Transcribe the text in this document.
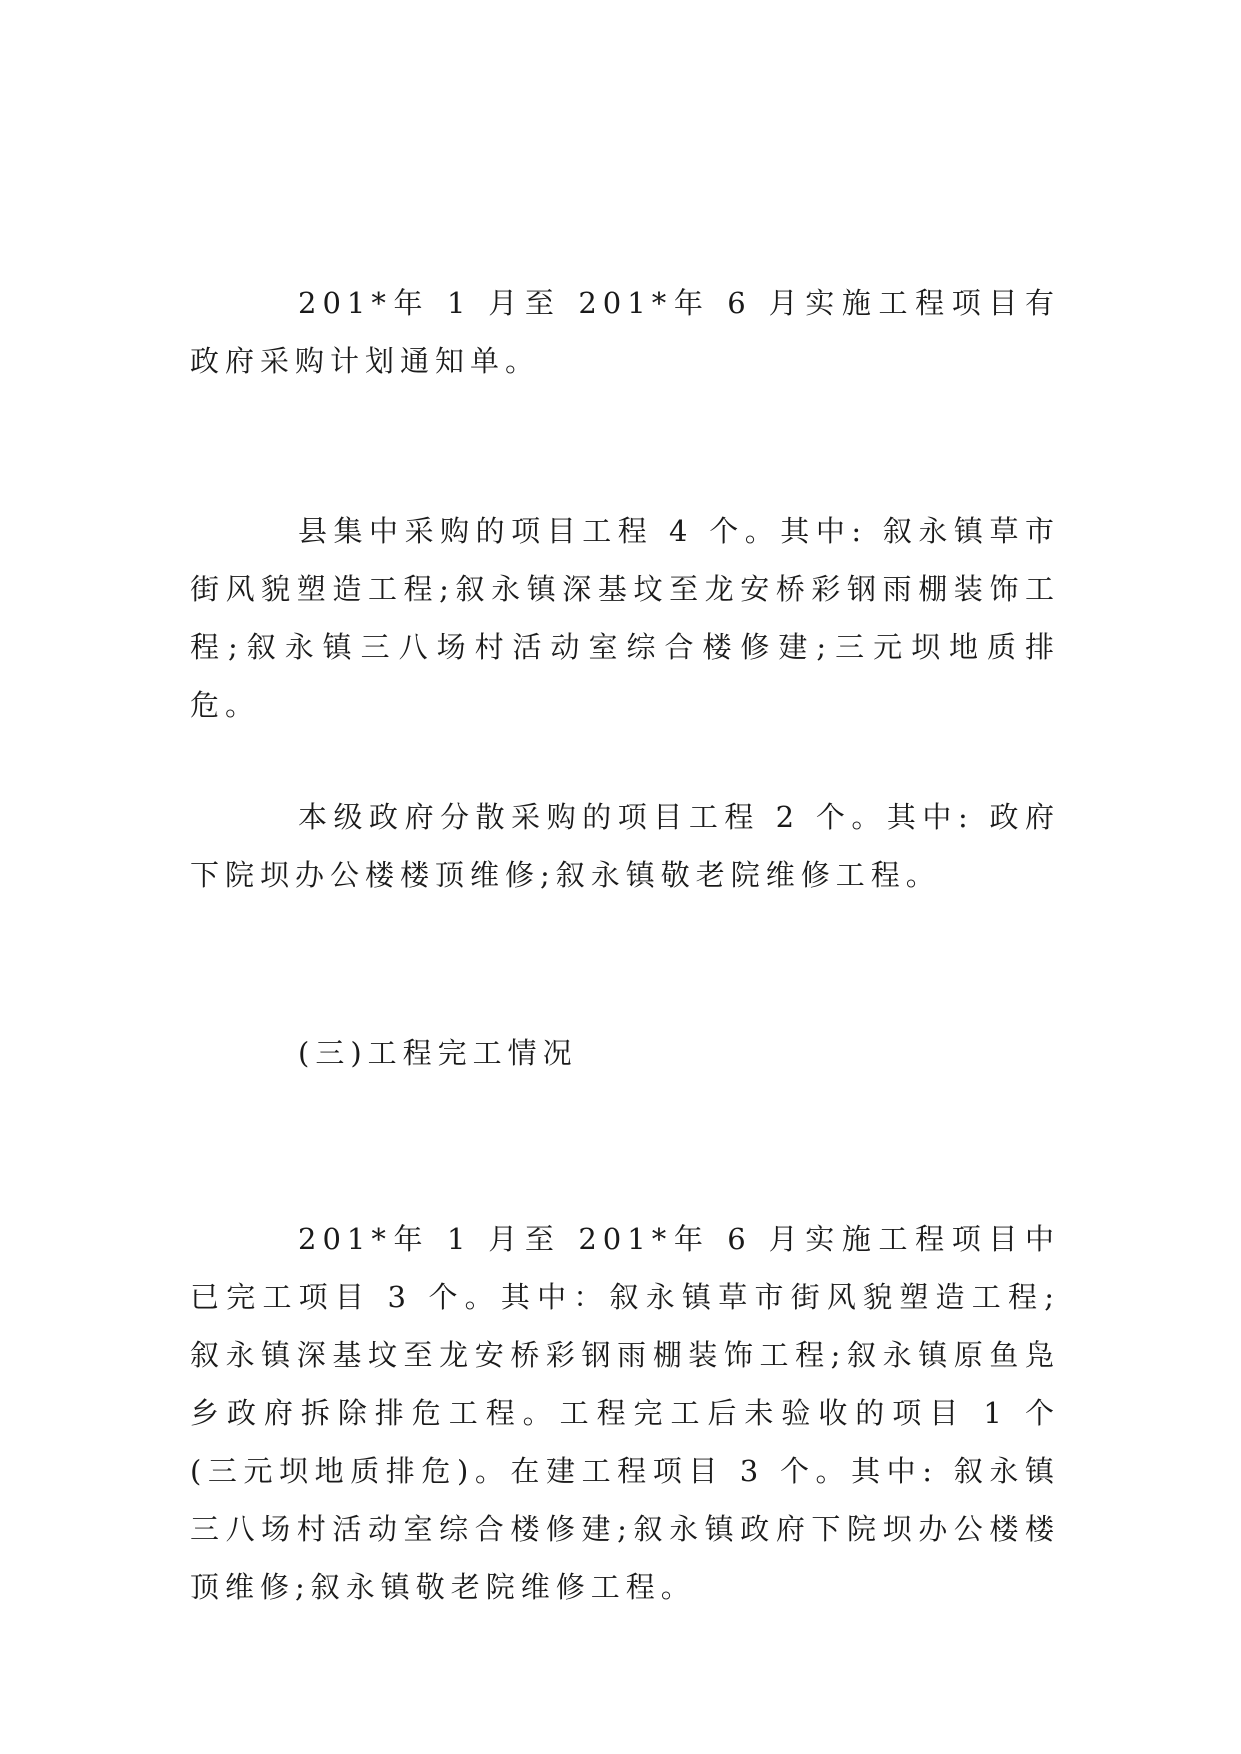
201*年 1 月至 201*年 6 月实施工程项目有政府采购计划通知单。

县集中采购的项目工程 4 个。其中: 叙永镇草市街风貌塑造工程;叙永镇深基坟至龙安桥彩钢雨棚装饰工程;叙永镇三八场村活动室综合楼修建;三元坝地质排危。

本级政府分散采购的项目工程 2 个。其中: 政府下院坝办公楼楼顶维修;叙永镇敬老院维修工程。

(三)工程完工情况

201*年 1 月至 201*年 6 月实施工程项目中已完工项目 3 个。其中：叙永镇草市街风貌塑造工程;叙永镇深基坟至龙安桥彩钢雨棚装饰工程;叙永镇原鱼凫乡政府拆除排危工程。工程完工后未验收的项目 1 个(三元坝地质排危)。在建工程项目 3 个。其中: 叙永镇三八场村活动室综合楼修建;叙永镇政府下院坝办公楼楼顶维修;叙永镇敬老院维修工程。
